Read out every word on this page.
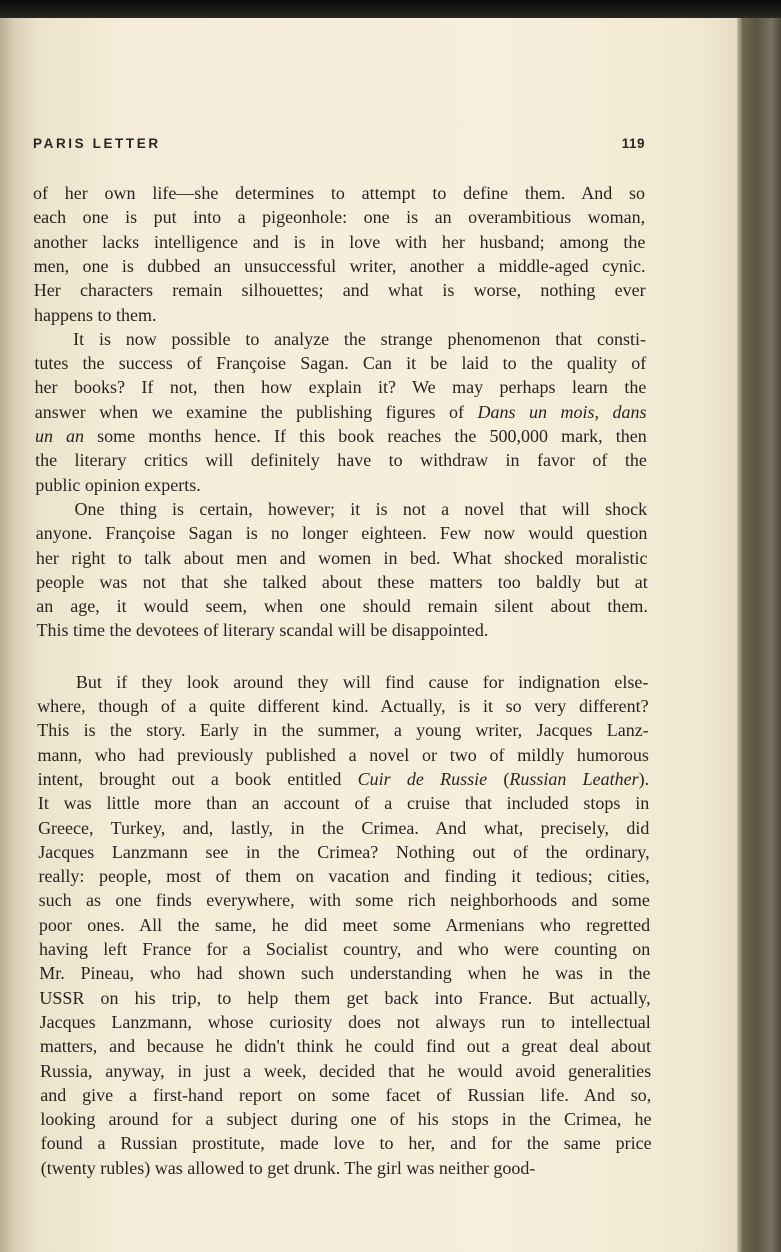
PARIS LETTER	119
of her own life—she determines to attempt to define them. And so
each one is put into a pigeonhole: one is an overambitious woman,
another lacks intelligence and is in love with her husband; among the
men, one is dubbed an unsuccessful writer, another a middle-aged cynic.
Her characters remain silhouettes; and what is worse, nothing ever
happens to them.
It is now possible to analyze the strange phenomenon that consti-
tutes the success of Françoise Sagan. Can it be laid to the quality of
her books? If not, then how explain it? We may perhaps learn the
answer when we examine the publishing figures of Dans un mois, dans
un an some months hence. If this book reaches the 500,000 mark, then
the literary critics will definitely have to withdraw in favor of the
public opinion experts.
One thing is certain, however; it is not a novel that will shock
anyone. Françoise Sagan is no longer eighteen. Few now would question
her right to talk about men and women in bed. What shocked moralistic
people was not that she talked about these matters too baldly but at
an age, it would seem, when one should remain silent about them.
This time the devotees of literary scandal will be disappointed.
But if they look around they will find cause for indignation else-
where, though of a quite different kind. Actually, is it so very different?
This is the story. Early in the summer, a young writer, Jacques Lanz-
mann, who had previously published a novel or two of mildly humorous
intent, brought out a book entitled Cuir de Russie (Russian Leather).
It was little more than an account of a cruise that included stops in
Greece, Turkey, and, lastly, in the Crimea. And what, precisely, did
Jacques Lanzmann see in the Crimea? Nothing out of the ordinary,
really: people, most of them on vacation and finding it tedious; cities,
such as one finds everywhere, with some rich neighborhoods and some
poor ones. All the same, he did meet some Armenians who regretted
having left France for a Socialist country, and who were counting on
Mr. Pineau, who had shown such understanding when he was in the
USSR on his trip, to help them get back into France. But actually,
Jacques Lanzmann, whose curiosity does not always run to intellectual
matters, and because he didn't think he could find out a great deal about
Russia, anyway, in just a week, decided that he would avoid generalities
and give a first-hand report on some facet of Russian life. And so,
looking around for a subject during one of his stops in the Crimea, he
found a Russian prostitute, made love to her, and for the same price
(twenty rubles) was allowed to get drunk. The girl was neither good-
